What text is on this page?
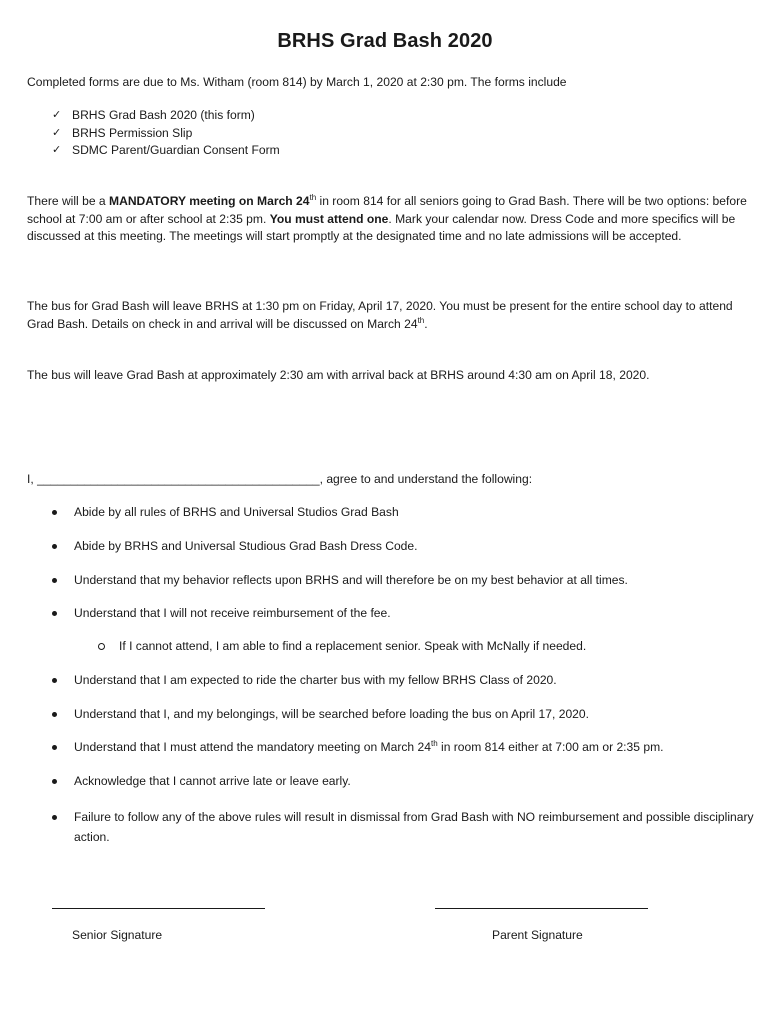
BRHS Grad Bash 2020
Completed forms are due to Ms. Witham (room 814) by March 1, 2020 at 2:30 pm. The forms include
✓ BRHS Grad Bash 2020 (this form)
✓ BRHS Permission Slip
✓ SDMC Parent/Guardian Consent Form
There will be a MANDATORY meeting on March 24th in room 814 for all seniors going to Grad Bash. There will be two options: before school at 7:00 am or after school at 2:35 pm. You must attend one. Mark your calendar now. Dress Code and more specifics will be discussed at this meeting. The meetings will start promptly at the designated time and no late admissions will be accepted.
The bus for Grad Bash will leave BRHS at 1:30 pm on Friday, April 17, 2020. You must be present for the entire school day to attend Grad Bash. Details on check in and arrival will be discussed on March 24th.
The bus will leave Grad Bash at approximately 2:30 am with arrival back at BRHS around 4:30 am on April 18, 2020.
I, __________________________________________, agree to and understand the following:
Abide by all rules of BRHS and Universal Studios Grad Bash
Abide by BRHS and Universal Studious Grad Bash Dress Code.
Understand that my behavior reflects upon BRHS and will therefore be on my best behavior at all times.
Understand that I will not receive reimbursement of the fee.
If I cannot attend, I am able to find a replacement senior. Speak with McNally if needed.
Understand that I am expected to ride the charter bus with my fellow BRHS Class of 2020.
Understand that I, and my belongings, will be searched before loading the bus on April 17, 2020.
Understand that I must attend the mandatory meeting on March 24th in room 814 either at 7:00 am or 2:35 pm.
Acknowledge that I cannot arrive late or leave early.
Failure to follow any of the above rules will result in dismissal from Grad Bash with NO reimbursement and possible disciplinary action.
Senior Signature	Parent Signature
